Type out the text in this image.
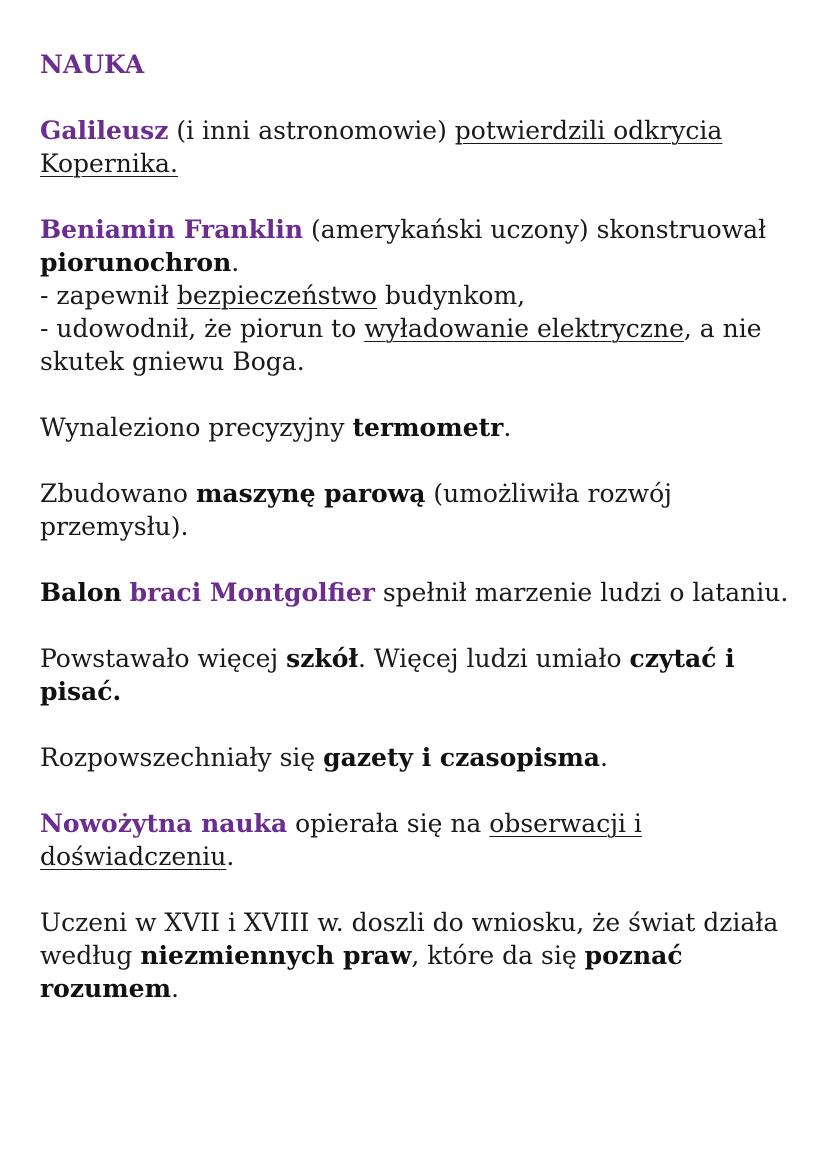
NAUKA
Galileusz (i inni astronomowie) potwierdzili odkrycia Kopernika.
Beniamin Franklin (amerykański uczony) skonstruował piorunochron.
- zapewnił bezpieczeństwo budynkom,
- udowodnił, że piorun to wyładowanie elektryczne, a nie skutek gniewu Boga.
Wynaleziono precyzyjny termometr.
Zbudowano maszynę parową (umożliwiła rozwój przemysłu).
Balon braci Montgolfier spełnił marzenie ludzi o lataniu.
Powstawało więcej szkół. Więcej ludzi umiało czytać i pisać.
Rozpowszechniały się gazety i czasopisma.
Nowożytna nauka opierała się na obserwacji i doświadczeniu.
Uczeni w XVII i XVIII w. doszli do wniosku, że świat działa według niezmiennych praw, które da się poznać rozumem.
